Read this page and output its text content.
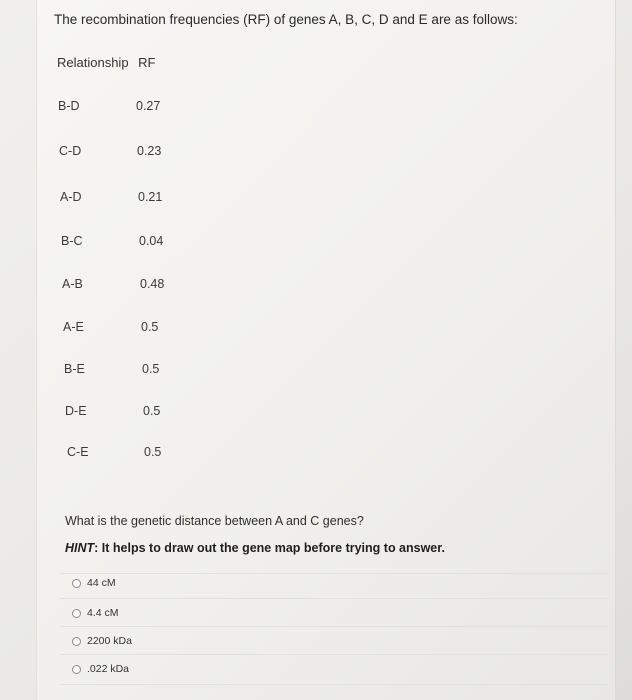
The recombination frequencies (RF) of genes A, B, C, D and E are as follows:
Relationship RF
B-D	0.27
C-D	0.23
A-D	0.21
B-C	0.04
A-B	0.48
A-E	0.5
B-E	0.5
D-E	0.5
C-E	0.5
What is the genetic distance between A and C genes?
HINT: It helps to draw out the gene map before trying to answer.
44 cM
4.4 cM
2200 kDa
.022 kDa
